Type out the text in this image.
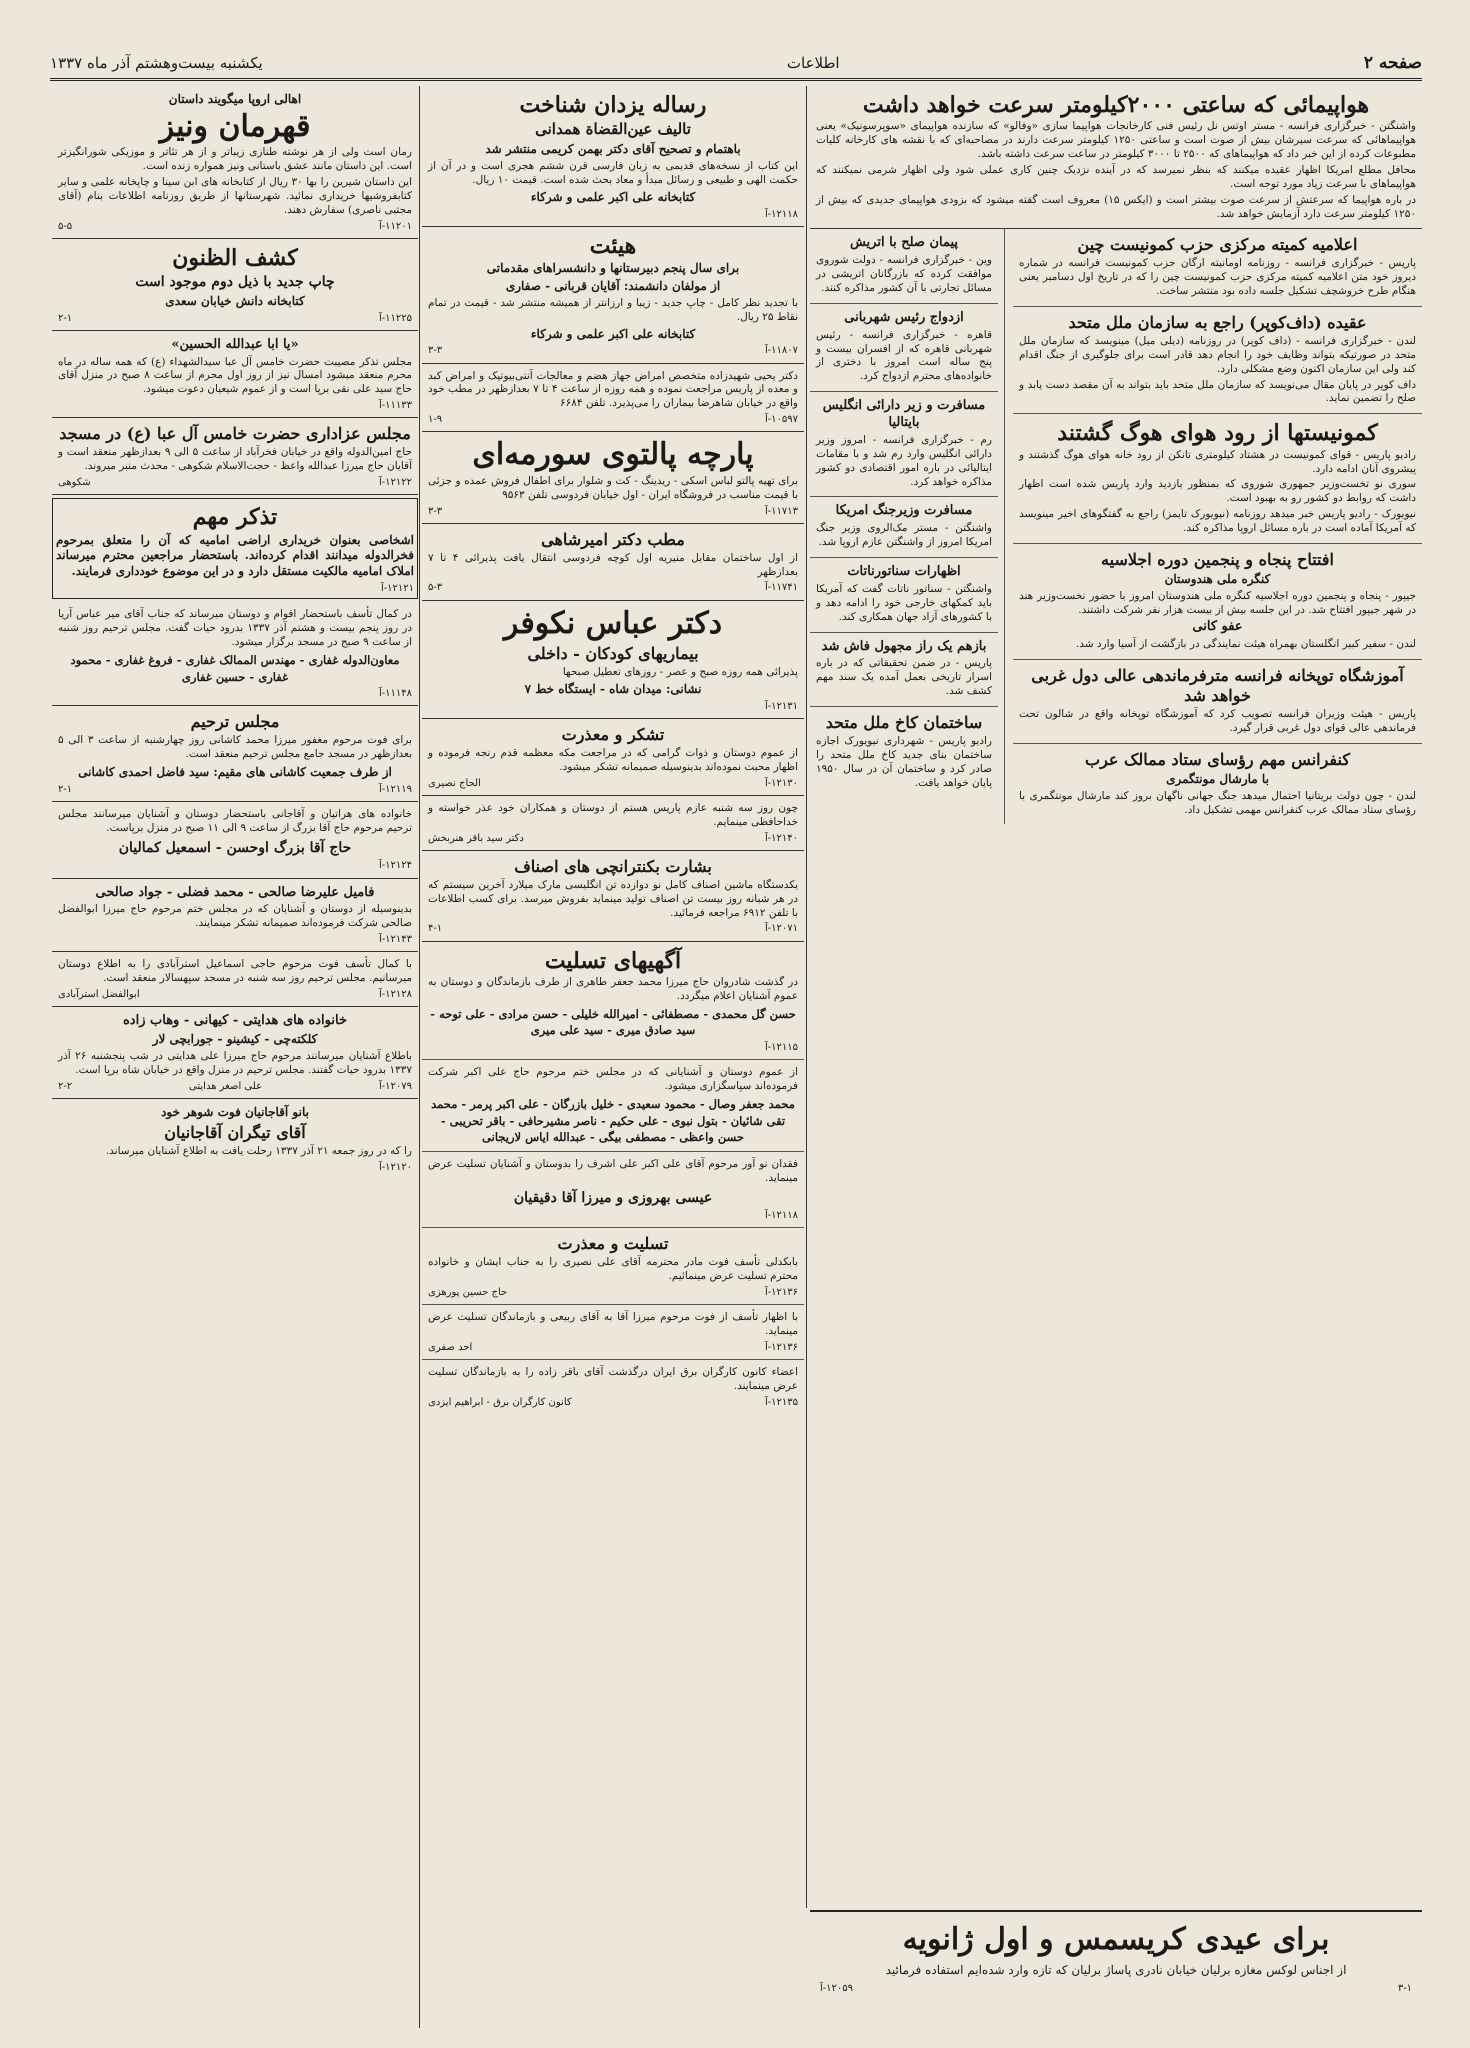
صفحه ۲
اطلاعات
یکشنبه بیست‌وهشتم آذر ماه ۱۳۳۷
هواپیمائی که ساعتی ۲۰۰۰کیلومتر سرعت خواهد داشت

واشنگتن - خبرگزاری فرانسه - مستر اوتس نل رئیس فنی کارخانجات هواپیما سازی «وفالو» که سازنده هواپیمای «سوپرسونیک» یعنی هواپیماهائی که سرعت سیرشان بیش از صوت است و ساعتی ۱۲۵۰ کیلومتر سرعت دارند در مصاحبه‌ای که با نقشه های کارخانه کلیات مطبوعات کرده از این خبر داد که هواپیماهای که ۲۵۰۰ تا ۳۰۰۰ کیلومتر در ساعت سرعت داشته باشد.

محافل مطلع امریکا اظهار عقیده میکنند که بنظر نمیرسد که در آینده نزدیک چنین کاری عملی شود ولی اظهار شرمی نمیکنند که هواپیماهای با سرعت زیاد مورد توجه است.

در باره هواپیما که سرعتش از سرعت صوت بیشتر است و (ایکس ۱۵) معروف است گفته میشود که بزودی هواپیمای جدیدی که بیش از ۱۲۵۰ کیلومتر سرعت دارد آزمایش خواهد شد.

اعلامیه کمیته مرکزی حزب کمونیست چین

پاریس - خبرگزاری فرانسه - روزنامه اومانیته ارگان حزب کمونیست فرانسه در شماره دیروز خود متن اعلامیه کمیته مرکزی حزب کمونیست چین را که در تاریخ اول دسامبر یعنی هنگام طرح خروشچف تشکیل جلسه داده بود منتشر ساخت.

عقیده (داف‌کوپر) راجع به سازمان ملل متحد

لندن - خبرگزاری فرانسه - (داف کوپر) در روزنامه (دیلی میل) مینویسد که سازمان ملل متحد در صورتیکه بتواند وظایف خود را انجام دهد قادر است برای جلوگیری از جنگ اقدام کند ولی این سازمان اکنون وضع مشکلی دارد.

داف کوپر در پایان مقال می‌نویسد که سازمان ملل متحد باید بتواند به آن مقصد دست یابد و صلح را تضمین نماید.

کمونیستها از رود هوای هوگ گشتند

رادیو پاریس - قوای کمونیست در هشتاد کیلومتری تانکن از رود خانه هوای هوگ گذشتند و پیشروی آنان ادامه دارد.

سوری نو تخست‌وزیر جمهوری شوروی که بمنظور بازدید وارد پاریس شده است اظهار داشت که روابط دو کشور رو به بهبود است.

نیویورک - رادیو پاریس خبر میدهد روزنامه (نیویورک تایمز) راجع به گفتگوهای اخیر مینویسد که آمریکا آماده است در باره مسائل اروپا مذاکره کند.

افتتاح پنجاه و پنجمین دوره اجلاسیه
کنگره ملی هندوستان

جیپور - پنجاه و پنجمین دوره اجلاسیه کنگره ملی هندوستان امروز با حضور نخست‌وزیر هند در شهر جیپور افتتاح شد. در این جلسه بیش از بیست هزار نفر شرکت داشتند.

عفو کانی

لندن - سفیر کبیر انگلستان بهمراه هیئت نمایندگی در بازگشت از آسیا وارد شد.

آموزشگاه توپخانه فرانسه مترفرماندهی عالی دول غربی خواهد شد

پاریس - هیئت وزیران فرانسه تصویب کرد که آموزشگاه توپخانه واقع در شالون تحت فرماندهی عالی قوای دول غربی قرار گیرد.

کنفرانس مهم رؤسای ستاد ممالک عرب
با مارشال مونتگمری

لندن - چون دولت بریتانیا احتمال میدهد جنگ جهانی ناگهان بروز کند مارشال مونتگمری با رؤسای ستاد ممالک عرب کنفرانس مهمی تشکیل داد.

پیمان صلح با اتریش

وین - خبرگزاری فرانسه - دولت شوروی موافقت کرده که بازرگانان اتریشی در مسائل تجارتی با آن کشور مذاکره کنند.

ازدواج رئیس شهربانی

قاهره - خبرگزاری فرانسه - رئیس شهربانی قاهره که از افسران بیست و پنج ساله است امروز با دختری از خانواده‌های محترم ازدواج کرد.

مسافرت و زیر دارائی انگلیس بایتالیا

رم - خبرگزاری فرانسه - امروز وزیر دارائی انگلیس وارد رم شد و با مقامات ایتالیائی در باره امور اقتصادی دو کشور مذاکره خواهد کرد.

مسافرت وزیرجنگ امریکا

واشنگتن - مستر مک‌الروی وزیر جنگ امریکا امروز از واشنگتن عازم اروپا شد.

اظهارات سناتورناتات

واشنگتن - سناتور ناتات گفت که آمریکا باید کمکهای خارجی خود را ادامه دهد و با کشورهای آزاد جهان همکاری کند.

بازهم یک راز مجهول فاش شد

پاریس - در ضمن تحقیقاتی که در باره اسرار تاریخی بعمل آمده یک سند مهم کشف شد.

ساختمان کاخ ملل متحد

رادیو پاریس - شهرداری نیویورک اجازه ساختمان بنای جدید کاخ ملل متحد را صادر کرد و ساختمان آن در سال ۱۹۵۰ پایان خواهد یافت.

رساله یزدان شناخت
تالیف عین‌القضاة همدانی
باهتمام و تصحیح آقای دکتر بهمن کریمی منتشر شد

این کتاب از نسخه‌های قدیمی به زبان فارسی قرن ششم هجری است و در آن از حکمت الهی و طبیعی و رسائل مبدأ و معاد بحث شده است. قیمت ۱۰ ریال.

کتابخانه علی اکبر علمی و شرکاء
۱۲۱۱۸-آ
هیئت
برای سال پنجم دبیرستانها و دانشسراهای مقدماتی
از مولفان دانشمند: آقایان قربانی - صفاری

با تجدید نظر کامل - چاپ جدید - زیبا و ارزانتر از همیشه منتشر شد - قیمت در تمام نقاط ۲۵ ریال.

کتابخانه علی اکبر علمی و شرکاء
۱۱۸۰۷-آ
۳-۳

دکتر یحیی شهیدزاده متخصص امراض جهاز هضم و معالجات آنتی‌بیوتیک و امراض کبد و معده از پاریس مراجعت نموده و همه روزه از ساعت ۴ تا ۷ بعدازظهر در مطب خود واقع در خیابان شاهرضا بیماران را می‌پذیرد. تلفن ۶۶۸۴

۱۰۵۹۷-آ
۱-۹
پارچه پالتوی سورمه‌ای

برای تهیه پالتو لباس اسکی - ریدینگ - کت و شلوار برای اطفال فروش عمده و جزئی با قیمت مناسب در فروشگاه ایران - اول خیابان فردوسی تلفن ۹۵۶۳

۱۱۷۱۳-آ
۳-۳
مطب دکتر امیرشاهی

از اول ساختمان مقابل منیریه اول کوچه فردوسی انتقال یافت پذیرائی ۴ تا ۷ بعدازظهر

۱۱۷۴۱-آ
۵-۳
دکتر عباس نکوفر
بیماریهای کودکان - داخلی

پذیرائی همه روزه صبح و عصر - روزهای تعطیل صبحها

نشانی: میدان شاه - ایستگاه خط ۷
۱۲۱۳۱-آ
تشکر و معذرت

از عموم دوستان و ذوات گرامی که در مراجعت مکه معظمه قدم رنجه فرموده و اظهار محبت نموده‌اند بدینوسیله صمیمانه تشکر میشود.

۱۲۱۳۰-آ
الحاج نصیری

چون روز سه شنبه عازم پاریس هستم از دوستان و همکاران خود عذر خواسته و خداحافظی مینمایم.

۱۲۱۴۰-آ
دکتر سید باقر هنربخش
بشارت بکنترانچی های اصناف

یکدستگاه ماشین اصناف کامل نو دوازده تن انگلیسی مارک میلارد آخرین سیستم که در هر شبانه روز بیست تن اصناف تولید مینماید بفروش میرسد. برای کسب اطلاعات با تلفن ۶۹۱۲ مراجعه فرمائید.

۱۲۰۷۱-آ
۴-۱
آگهیهای تسلیت

در گذشت شادروان حاج میرزا محمد جعفر طاهری از طرف بازماندگان و دوستان به عموم آشنایان اعلام میگردد.

حسن گل محمدی - مصطفائی - امیرالله خلیلی - حسن مرادی - علی توحه - سید صادق میری - سید علی میری
۱۲۱۱۵-آ

از عموم دوستان و آشنایانی که در مجلس ختم مرحوم حاج علی اکبر شرکت فرموده‌اند سپاسگزاری میشود.

محمد جعفر وصال - محمود سعیدی - خلیل بازرگان - علی اکبر پرمر - محمد تقی شائیان - بتول نبوی - علی حکیم - ناصر مشیرحافی - باقر تحریبی - حسن واعظی - مصطفی بیگی - عبدالله ایاس لاریجانی

فقدان نو آور مرحوم آقای علی اکبر علی اشرف را بدوستان و آشنایان تسلیت عرض مینماید.

عیسی بهروزی و میرزا آقا دقیقیان
۱۲۱۱۸-آ
تسلیت و معذرت

بابکدلی تأسف فوت مادر محترمه آقای علی نصیری را به جناب ایشان و خانواده محترم تسلیت عرض مینمائیم.

۱۲۱۳۶-آ
حاج حسین پورهزی

با اظهار تأسف از فوت مرحوم میرزا آقا به آقای ربیعی و بازماندگان تسلیت عرض مینماید.

۱۲۱۳۶-آ
احد صفری

اعضاء کانون کارگران برق ایران درگذشت آقای باقر زاده را به بازماندگان تسلیت عرض مینمایند.

۱۲۱۳۵-آ
کانون کارگران برق - ابراهیم ایزدی
اهالی اروپا میگویند داستان
قهرمان ونیز

رمان است ولی از هر نوشته طنازی زیباتر و از هر تئاتر و موزیکی شورانگیزتر است. این داستان مانند عشق باستانی ونیز همواره زنده است.

این داستان شیرین را بها ۳۰ ریال از کتابخانه های ابن سینا و چاپخانه علمی و سایر کتابفروشیها خریداری نمائید. شهرستانها از طریق روزنامه اطلاعات بنام (آقای مجتبی ناصری) سفارش دهند.

۱۱۲۰۱-آ
۵-۵
کشف الظنون
چاپ جدید با ذیل دوم موجود است
کتابخانه دانش خیابان سعدی
۱۱۲۲۵-آ
۲-۱
«یا ابا عبدالله الحسین»

مجلس تذکر مصیبت حضرت خامس آل عبا سیدالشهداء (ع) که همه ساله در ماه محرم منعقد میشود امسال نیز از روز اول محرم از ساعت ۸ صبح در منزل آقای حاج سید علی نقی برپا است و از عموم شیعیان دعوت میشود.

۱۱۱۳۳-آ
مجلس عزاداری حضرت خامس آل عبا (ع) در مسجد

حاج امین‌الدوله واقع در خیابان فخرآباد از ساعت ۵ الی ۹ بعدازظهر منعقد است و آقایان حاج میرزا عبدالله واعظ - حجت‌الاسلام شکوهی - محدث منبر میروند.

۱۲۱۲۲-آ
شکوهی
تذکر مهم

اشخاصی بعنوان خریداری اراضی امامیه که آن را متعلق بمرحوم فخرالدوله میدانند اقدام کرده‌اند. باستحضار مراجعین محترم میرساند املاک امامیه مالکیت مستقل دارد و در این موضوع خودداری فرمایند.

۱۲۱۲۱-آ

در کمال تأسف باستحضار اقوام و دوستان میرساند که جناب آقای میر عباس آریا در روز پنجم بیست و هشتم آذر ۱۳۳۷ بدرود حیات گفت. مجلس ترحیم روز شنبه از ساعت ۹ صبح در مسجد برگزار میشود.

معاون‌الدوله غفاری - مهندس الممالک غفاری - فروغ غفاری - محمود غفاری - حسین غفاری
۱۱۱۴۸-آ
مجلس ترحیم

برای فوت مرحوم مغفور میرزا محمد کاشانی روز چهارشنبه از ساعت ۳ الی ۵ بعدازظهر در مسجد جامع مجلس ترحیم منعقد است.

از طرف جمعیت کاشانی های مقیم: سید فاضل احمدی کاشانی
۱۲۱۱۹-آ
۲-۱

خانواده های هراتیان و آقاجانی باستحضار دوستان و آشنایان میرسانند مجلس ترحیم مرحوم حاج آقا بزرگ از ساعت ۹ الی ۱۱ صبح در منزل برپاست.

حاج آقا بزرگ اوحسن - اسمعیل کمالیان
۱۲۱۲۴-آ
فامیل علیرضا صالحی - محمد فضلی - جواد صالحی

بدینوسیله از دوستان و آشنایان که در مجلس ختم مرحوم حاج میرزا ابوالفضل صالحی شرکت فرموده‌اند صمیمانه تشکر مینمایند.

۱۲۱۴۳-آ

با کمال تأسف فوت مرحوم حاجی اسماعیل استرآبادی را به اطلاع دوستان میرسانیم. مجلس ترحیم روز سه شنبه در مسجد سپهسالار منعقد است.

۱۲۱۲۸-آ
ابوالفضل استرآبادی
خانواده های هدایتی - کیهانی - وهاب زاده
کلکته‌چی - کیشینو - جورابچی لار

باطلاع آشنایان میرسانند مرحوم حاج میرزا علی هدایتی در شب پنجشنبه ۲۶ آذر ۱۳۳۷ بدرود حیات گفتند. مجلس ترحیم در منزل واقع در خیابان شاه برپا است.

۱۲۰۷۹-آ
علی اصغر هدایتی
۲-۲
بانو آقاجانیان فوت شوهر خود
آقای تیگران آقاجانیان

را که در روز جمعه ۲۱ آذر ۱۳۳۷ رحلت یافت به اطلاع آشنایان میرساند.

۱۲۱۲۰-آ
برای عیدی کریسمس و اول ژانویه
از اجناس لوکس مغازه برلیان خیابان نادری پاساژ برلیان که تازه وارد شده‌ایم استفاده فرمائید
۳-۱
۱۲۰۵۹-آ
